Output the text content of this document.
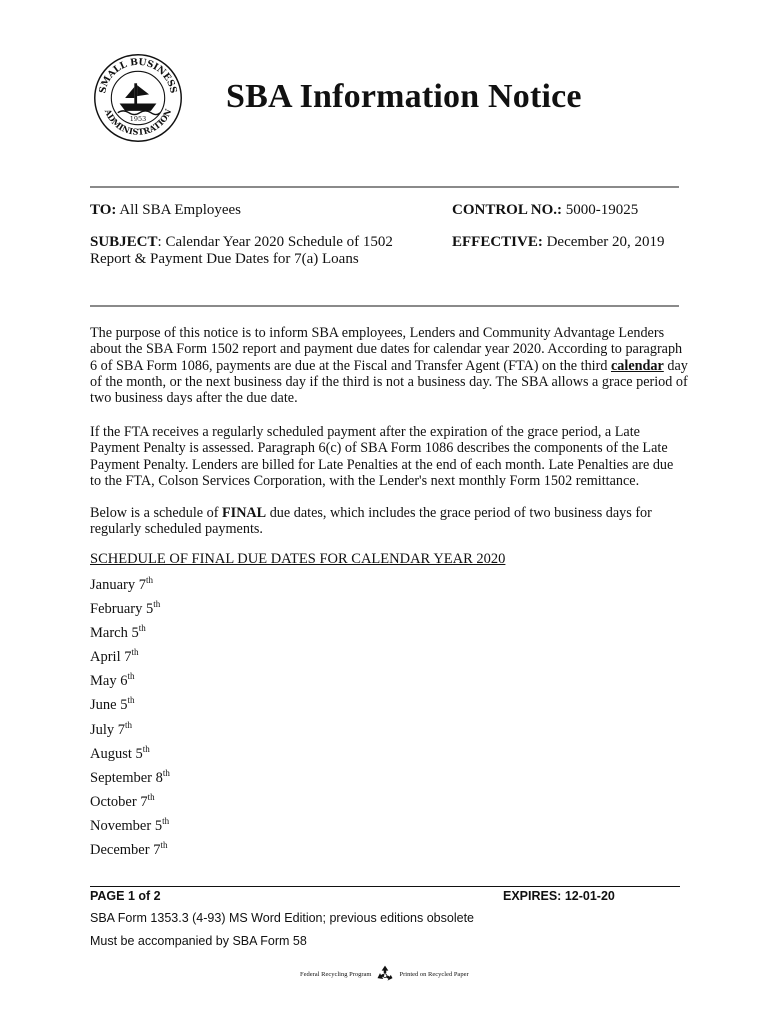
SMALL BUSINESS
ADMINISTRATION
1953
SBA Information Notice
TO: All SBA Employees	CONTROL NO.: 5000-19025
SUBJECT: Calendar Year 2020 Schedule of 1502
Report & Payment Due Dates for 7(a) Loans
EFFECTIVE: December 20, 2019

The purpose of this notice is to inform SBA employees, Lenders and Community Advantage Lenders

about the SBA Form 1502 report and payment due dates for calendar year 2020. According to paragraph

6 of SBA Form 1086, payments are due at the Fiscal and Transfer Agent (FTA) on the third calendar day

of the month, or the next business day if the third is not a business day. The SBA allows a grace period of

two business days after the due date.

If the FTA receives a regularly scheduled payment after the expiration of the grace period, a Late

Payment Penalty is assessed. Paragraph 6(c) of SBA Form 1086 describes the components of the Late

Payment Penalty. Lenders are billed for Late Penalties at the end of each month. Late Penalties are due

to the FTA, Colson Services Corporation, with the Lender's next monthly Form 1502 remittance.

Below is a schedule of FINAL due dates, which includes the grace period of two business days for

regularly scheduled payments.

SCHEDULE OF FINAL DUE DATES FOR CALENDAR YEAR 2020
January 7th
February 5th
March 5th
April 7th
May 6th
June 5th
July 7th
August 5th
September 8th
October 7th
November 5th
December 7th
PAGE 1 of 2	EXPIRES: 12-01-20
SBA Form 1353.3 (4-93) MS Word Edition; previous editions obsolete
Must be accompanied by SBA Form 58
Federal Recycling Program	Printed on Recycled Paper
